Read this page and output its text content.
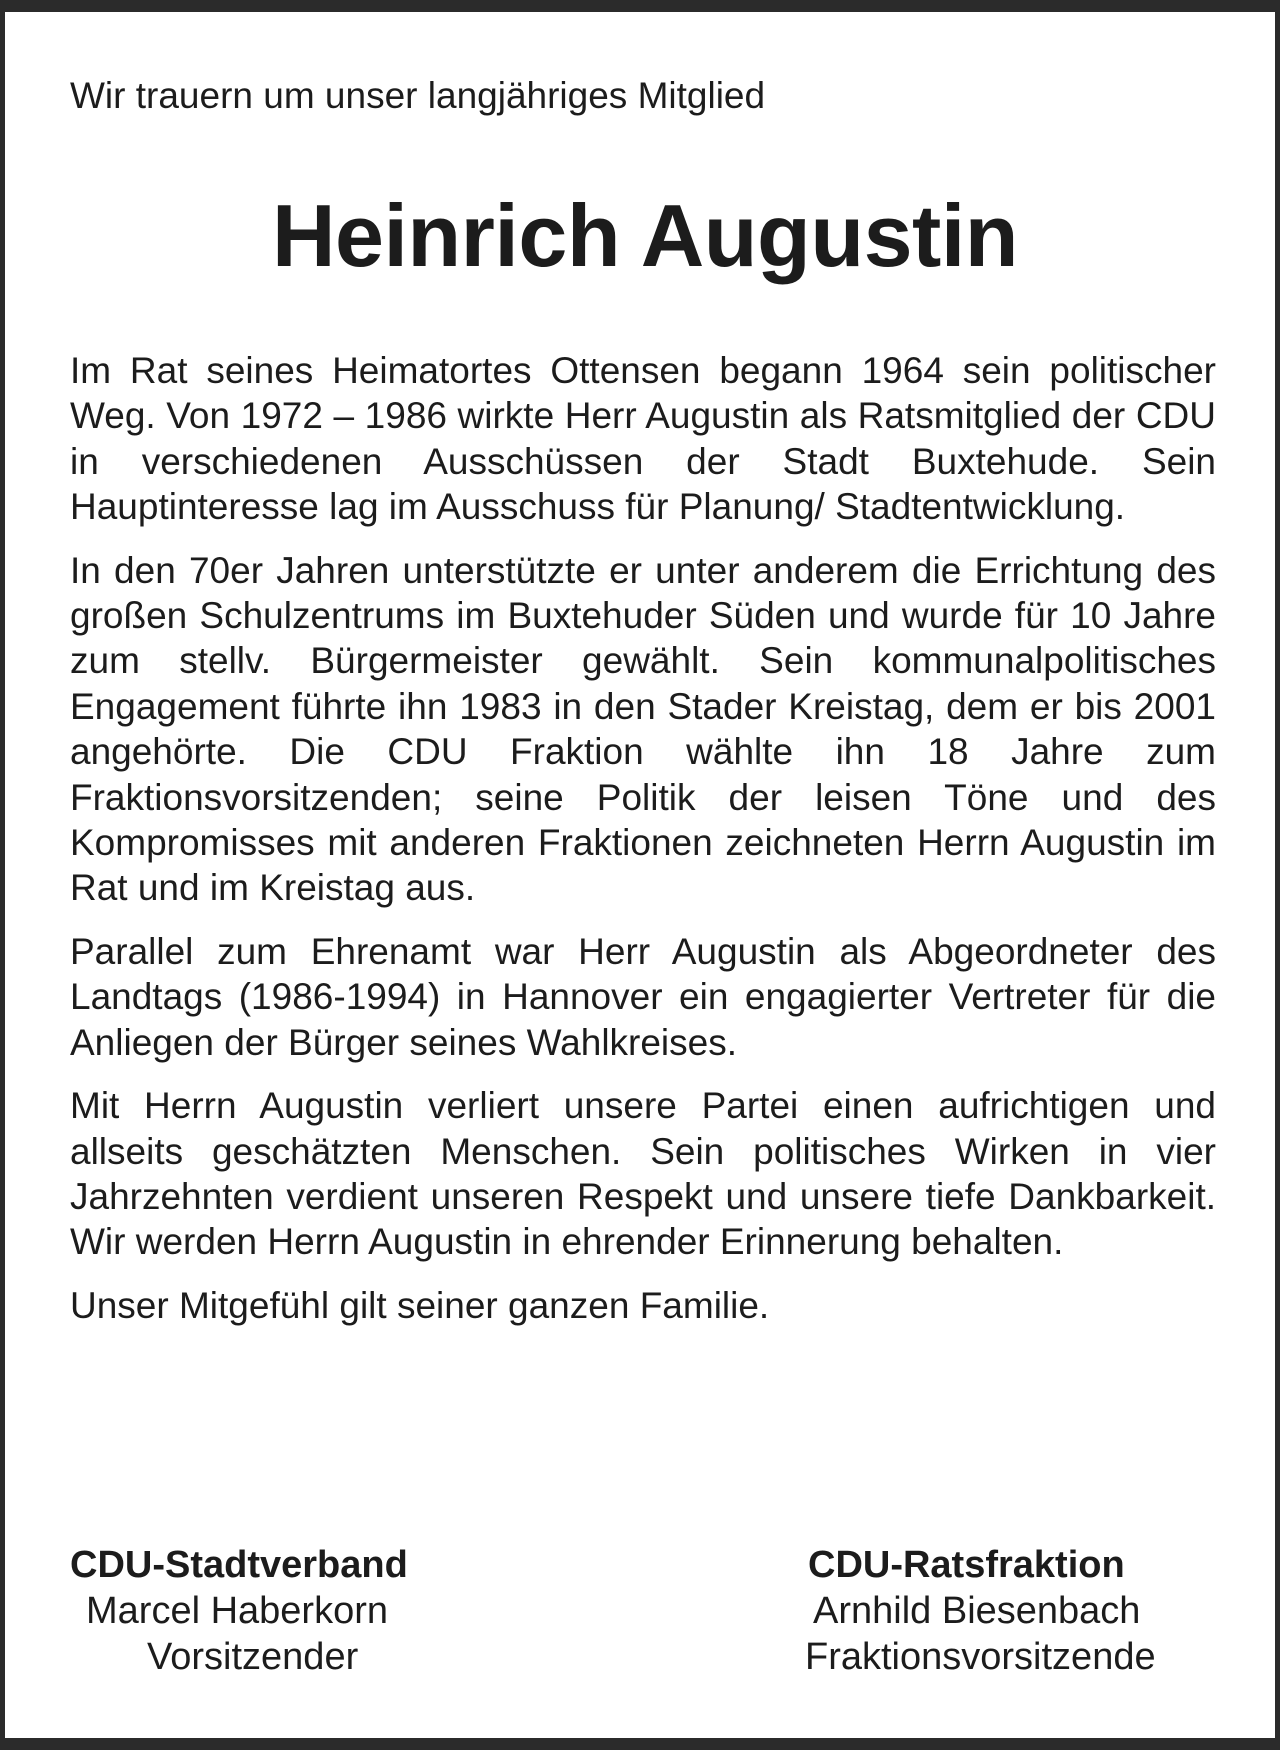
Wir trauern um unser langjähriges Mitglied
Heinrich Augustin

Im Rat seines Heimatortes Ottensen begann 1964 sein politischer Weg. Von 1972 – 1986 wirkte Herr Augustin als Ratsmitglied der CDU in verschiedenen Ausschüssen der Stadt Buxtehude. Sein Hauptinteresse lag im Ausschuss für Planung/ Stadtentwicklung.

In den 70er Jahren unterstützte er unter anderem die Errichtung des großen Schulzentrums im Buxtehuder Süden und wurde für 10 Jahre zum stellv. Bürgermeister gewählt. Sein kommunalpolitisches Engagement führte ihn 1983 in den Stader Kreistag, dem er bis 2001 angehörte. Die CDU Fraktion wählte ihn 18 Jahre zum Fraktionsvorsitzenden; seine Politik der leisen Töne und des Kompromisses mit anderen Fraktionen zeichneten Herrn Augustin im Rat und im Kreistag aus.

Parallel zum Ehrenamt war Herr Augustin als Abgeordneter des Landtags (1986-1994) in Hannover ein engagierter Vertreter für die Anliegen der Bürger seines Wahlkreises.

Mit Herrn Augustin verliert unsere Partei einen aufrichtigen und allseits geschätzten Menschen. Sein politisches Wirken in vier Jahrzehnten verdient unseren Respekt und unsere tiefe Dankbarkeit. Wir werden Herrn Augustin in ehrender Erinnerung behalten.

Unser Mitgefühl gilt seiner ganzen Familie.

CDU-Stadtverband
Marcel Haberkorn
Vorsitzender
CDU-Ratsfraktion
Arnhild Biesenbach
Fraktionsvorsitzende
